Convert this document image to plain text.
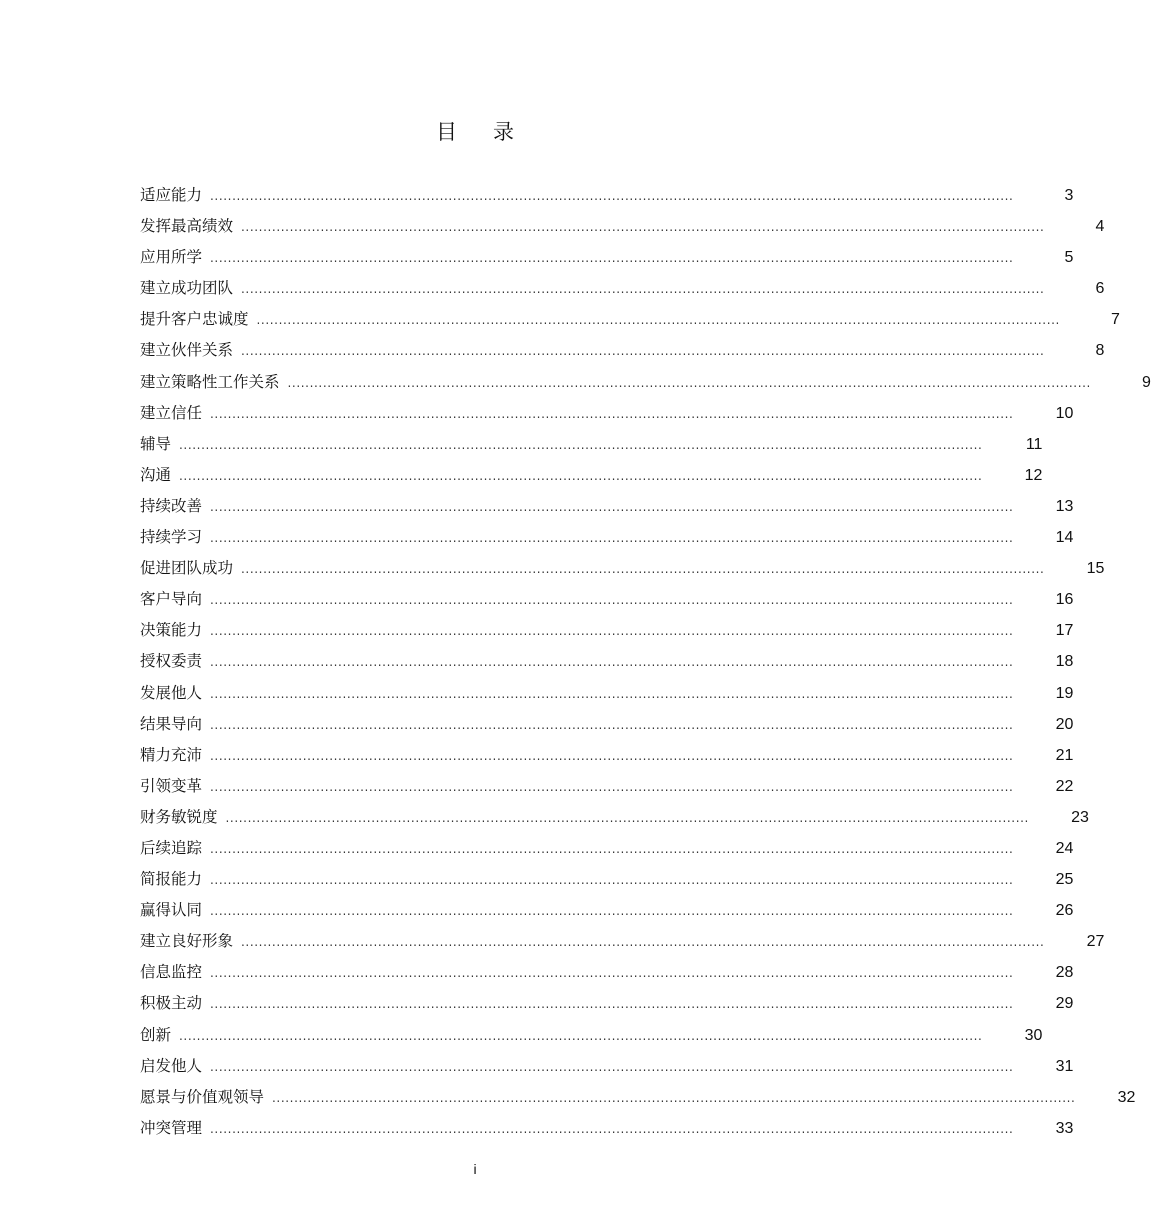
目录
适应能力 ......................................................................................................................................................................................	3
发挥最高绩效 ......................................................................................................................................................................................	4
应用所学 ......................................................................................................................................................................................	5
建立成功团队 ......................................................................................................................................................................................	6
提升客户忠诚度 ......................................................................................................................................................................................	7
建立伙伴关系 ......................................................................................................................................................................................	8
建立策略性工作关系 ......................................................................................................................................................................................	9
建立信任 ......................................................................................................................................................................................	10
辅导 ......................................................................................................................................................................................	11
沟通 ......................................................................................................................................................................................	12
持续改善 ......................................................................................................................................................................................	13
持续学习 ......................................................................................................................................................................................	14
促进团队成功 ......................................................................................................................................................................................	15
客户导向 ......................................................................................................................................................................................	16
决策能力 ......................................................................................................................................................................................	17
授权委责 ......................................................................................................................................................................................	18
发展他人 ......................................................................................................................................................................................	19
结果导向 ......................................................................................................................................................................................	20
精力充沛 ......................................................................................................................................................................................	21
引领变革 ......................................................................................................................................................................................	22
财务敏锐度 ......................................................................................................................................................................................	23
后续追踪 ......................................................................................................................................................................................	24
简报能力 ......................................................................................................................................................................................	25
赢得认同 ......................................................................................................................................................................................	26
建立良好形象 ......................................................................................................................................................................................	27
信息监控 ......................................................................................................................................................................................	28
积极主动 ......................................................................................................................................................................................	29
创新 ......................................................................................................................................................................................	30
启发他人 ......................................................................................................................................................................................	31
愿景与价值观领导 ......................................................................................................................................................................................	32
冲突管理 ......................................................................................................................................................................................	33
i
